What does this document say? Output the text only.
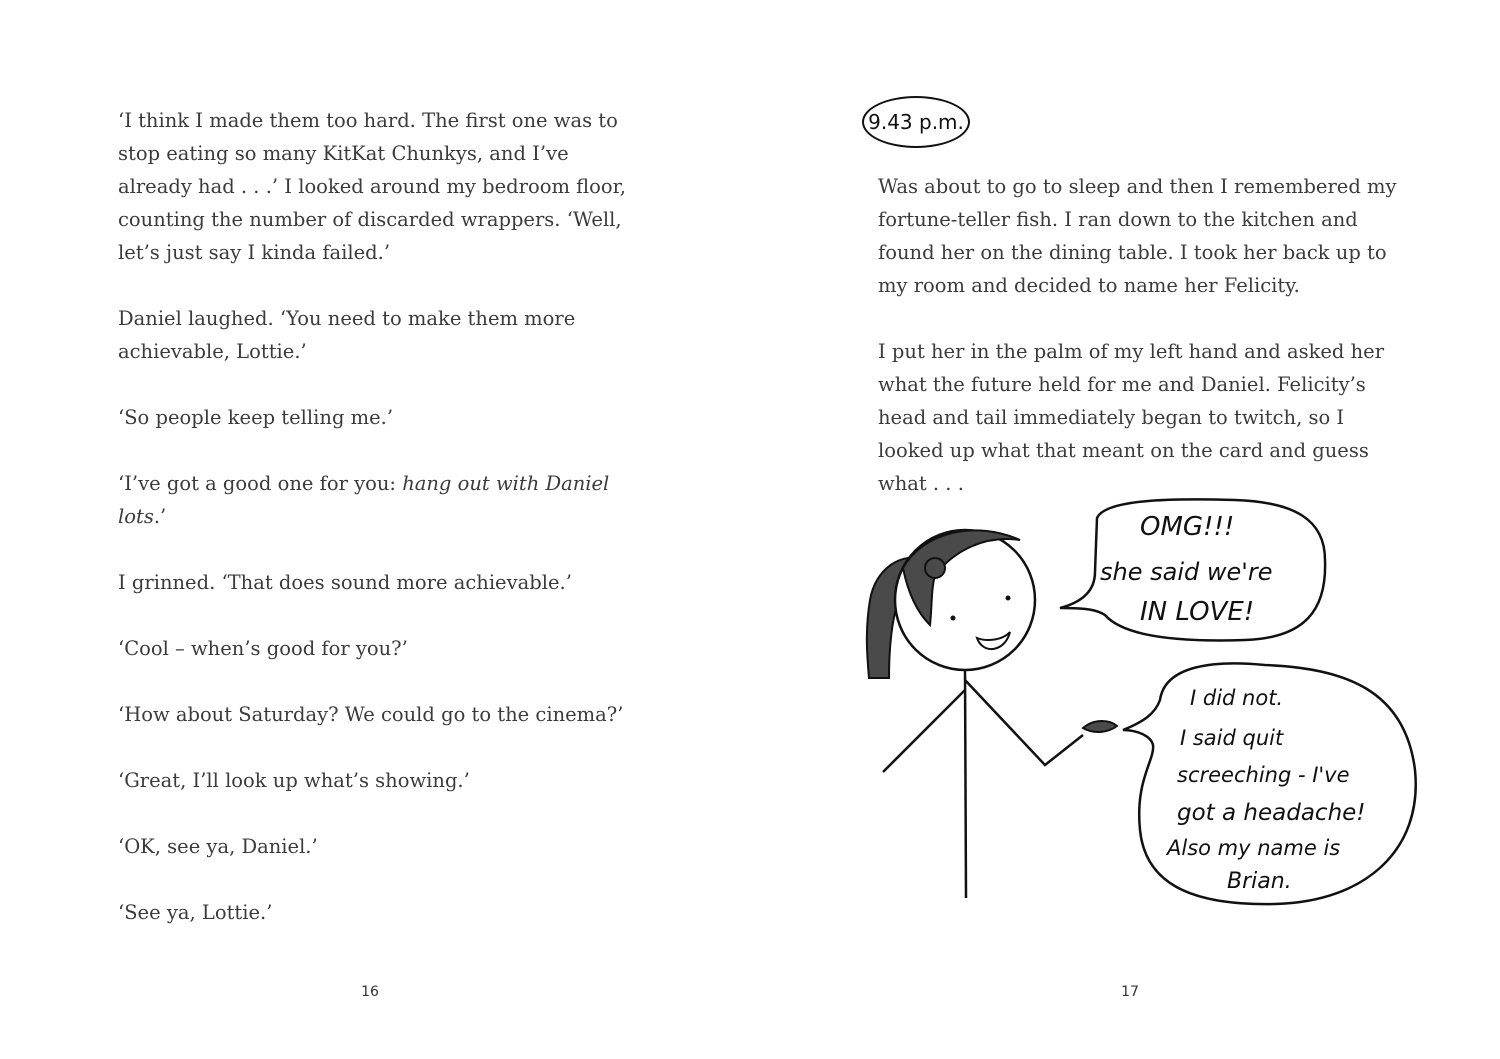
‘I think I made them too hard. The first one was to stop eating so many KitKat Chunkys, and I’ve already had . . .’ I looked around my bedroom floor, counting the number of discarded wrappers. ‘Well, let’s just say I kinda failed.’

Daniel laughed. ‘You need to make them more achievable, Lottie.’

‘So people keep telling me.’

‘I’ve got a good one for you: hang out with Daniel lots.’

I grinned. ‘That does sound more achievable.’

‘Cool – when’s good for you?’

‘How about Saturday? We could go to the cinema?’

‘Great, I’ll look up what’s showing.’

‘OK, see ya, Daniel.’

‘See ya, Lottie.’

16
9.43 p.m.

Was about to go to sleep and then I remembered my fortune-teller fish. I ran down to the kitchen and found her on the dining table. I took her back up to my room and decided to name her Felicity.

I put her in the palm of my left hand and asked her what the future held for me and Daniel. Felicity’s head and tail immediately began to twitch, so I looked up what that meant on the card and guess what . . .

OMG!!!
she said we're
IN LOVE!
I did not.
I said quit
screeching - I've
got a headache!
Also my name is
Brian.
17
